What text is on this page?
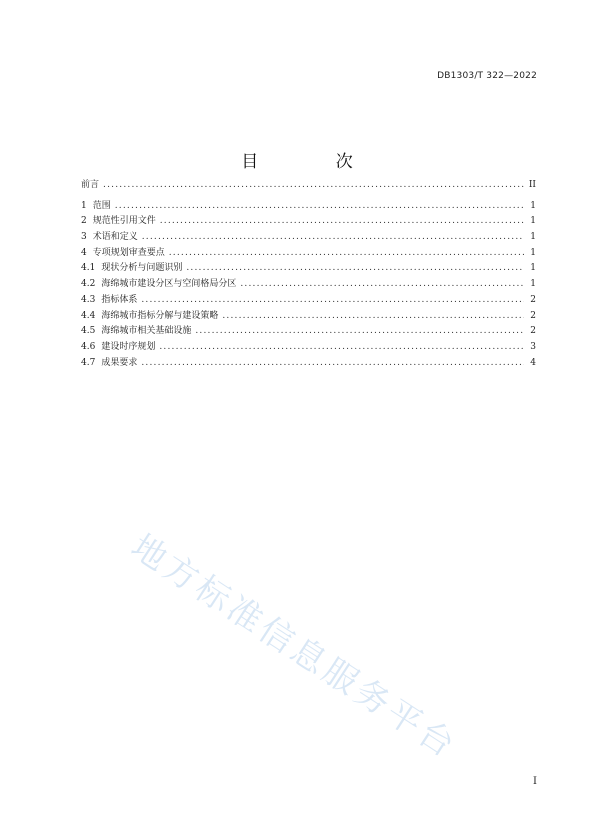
DB1303/T 322—2022
目 次
前言 .....	II
1 范围 .....	1
2 规范性引用文件 .....	1
3 术语和定义 .....	1
4 专项规划审查要点 .....	1
4.1 现状分析与问题识别 .....	1
4.2 海绵城市建设分区与空间格局分区 .....	1
4.3 指标体系 .....	2
4.4 海绵城市指标分解与建设策略 .....	2
4.5 海绵城市相关基础设施 .....	2
4.6 建设时序规划 .....	3
4.7 成果要求 .....	4
地方标准信息服务平台
I
